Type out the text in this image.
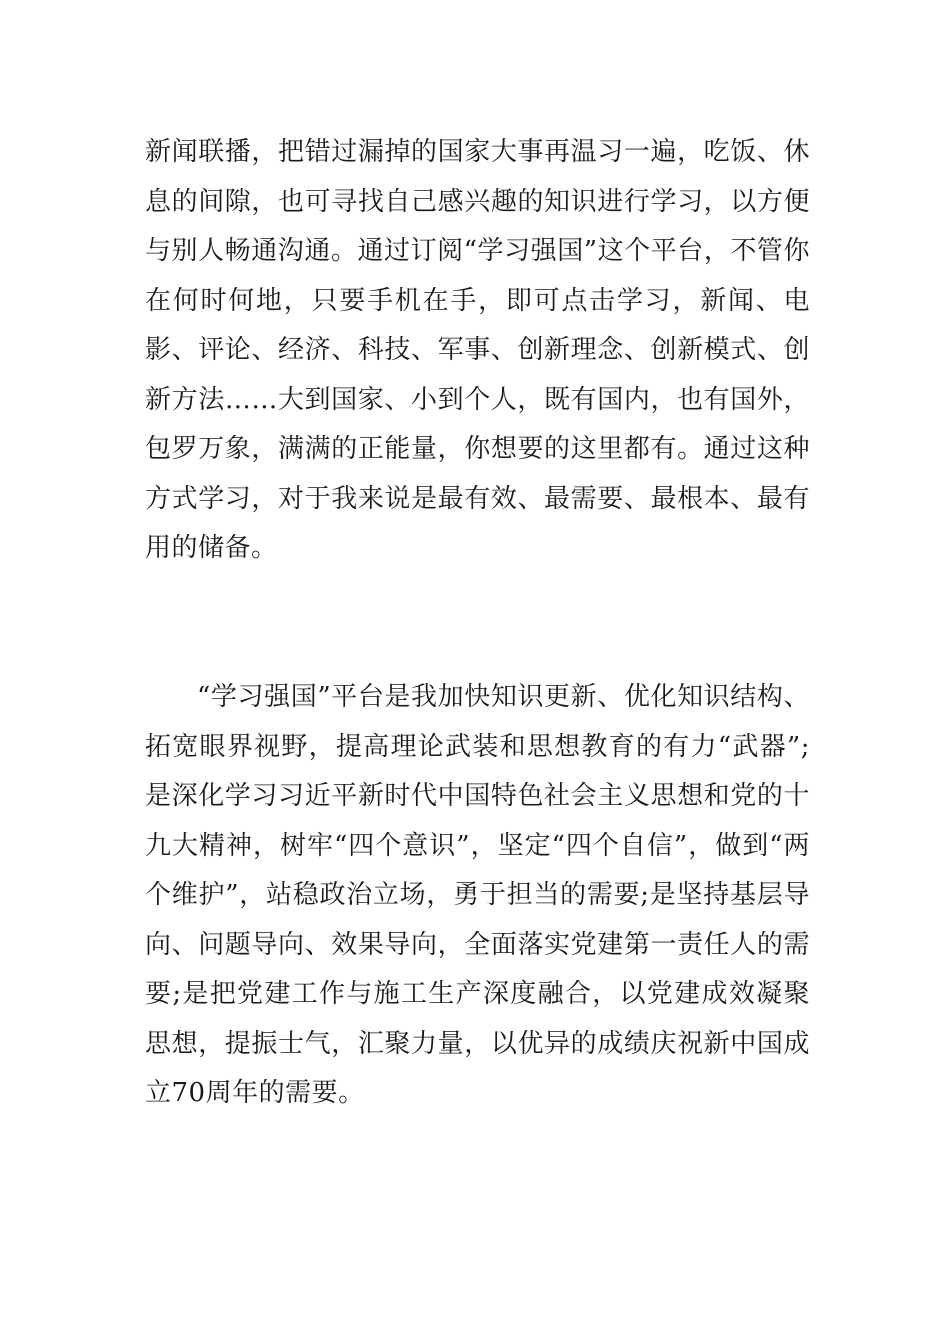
新闻联播，把错过漏掉的国家大事再温习一遍，吃饭、休息的间隙，也可寻找自己感兴趣的知识进行学习，以方便与别人畅通沟通。通过订阅“学习强国”这个平台，不管你在何时何地，只要手机在手，即可点击学习，新闻、电影、评论、经济、科技、军事、创新理念、创新模式、创新方法……大到国家、小到个人，既有国内，也有国外，包罗万象，满满的正能量，你想要的这里都有。通过这种方式学习，对于我来说是最有效、最需要、最根本、最有用的储备。

“学习强国”平台是我加快知识更新、优化知识结构、拓宽眼界视野，提高理论武装和思想教育的有力“武器”;是深化学习习近平新时代中国特色社会主义思想和党的十九大精神，树牢“四个意识”，坚定“四个自信”，做到“两个维护”，站稳政治立场，勇于担当的需要;是坚持基层导向、问题导向、效果导向，全面落实党建第一责任人的需要;是把党建工作与施工生产深度融合，以党建成效凝聚思想，提振士气，汇聚力量，以优异的成绩庆祝新中国成立70周年的需要。
